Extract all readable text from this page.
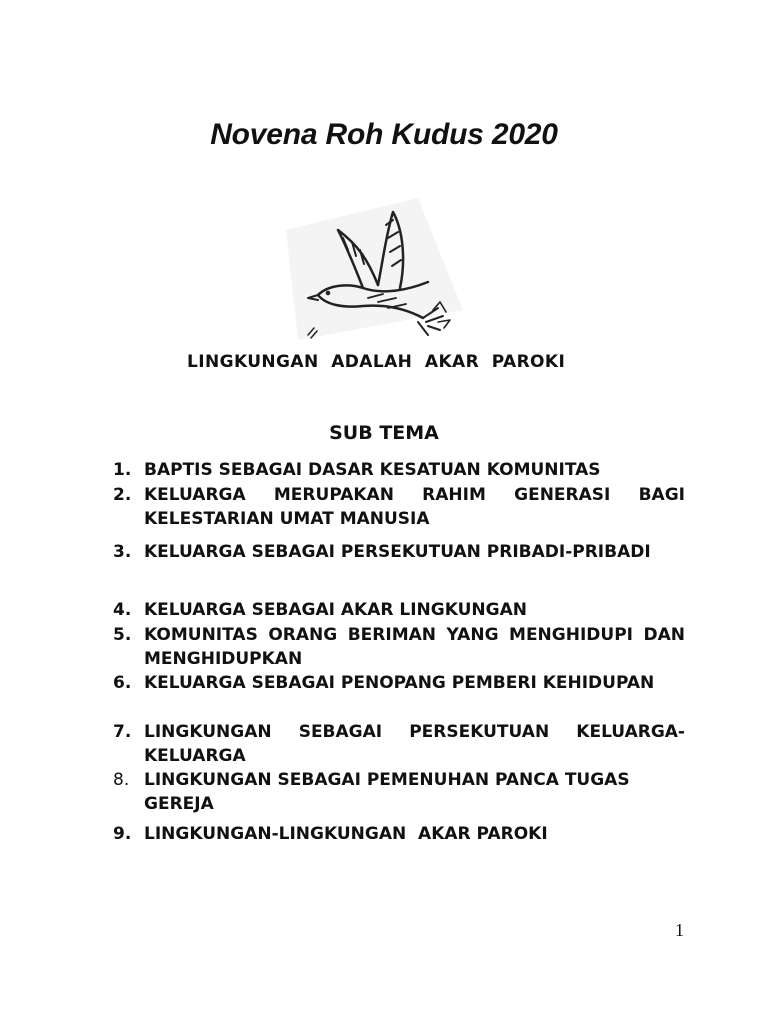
Novena Roh Kudus 2020
LINGKUNGAN  ADALAH  AKAR  PAROKI
SUB TEMA
1. BAPTIS SEBAGAI DASAR KESATUAN KOMUNITAS
2. KELUARGA MERUPAKAN RAHIM GENERASI BAGI KELESTARIAN UMAT MANUSIA
3. KELUARGA SEBAGAI PERSEKUTUAN PRIBADI-PRIBADI
4. KELUARGA SEBAGAI AKAR LINGKUNGAN
5. KOMUNITAS ORANG BERIMAN YANG MENGHIDUPI DAN MENGHIDUPKAN
6. KELUARGA SEBAGAI PENOPANG PEMBERI KEHIDUPAN
7. LINGKUNGAN SEBAGAI PERSEKUTUAN KELUARGA-KELUARGA
8. LINGKUNGAN SEBAGAI PEMENUHAN PANCA TUGAS GEREJA
9. LINGKUNGAN-LINGKUNGAN  AKAR PAROKI
1
